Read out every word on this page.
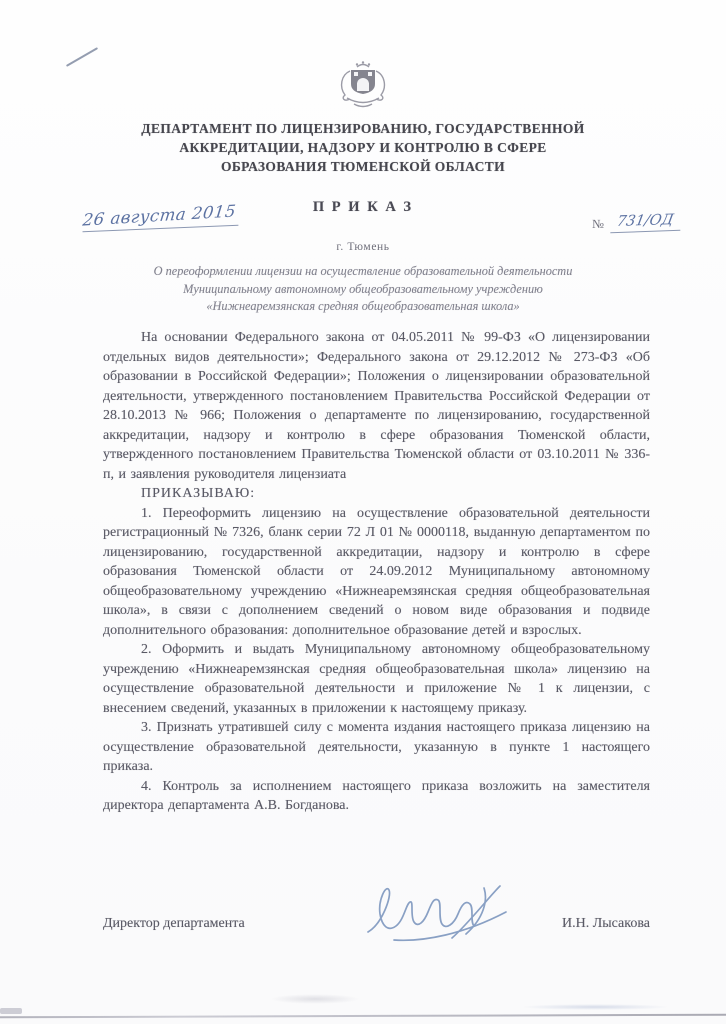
ДЕПАРТАМЕНТ ПО ЛИЦЕНЗИРОВАНИЮ, ГОСУДАРСТВЕННОЙ
АККРЕДИТАЦИИ, НАДЗОРУ И КОНТРОЛЮ В СФЕРЕ
ОБРАЗОВАНИЯ ТЮМЕНСКОЙ ОБЛАСТИ
П Р И К А З
26 августа 2015	№ 731/ОД
г. Тюмень
О переоформлении лицензии на осуществление образовательной деятельности
Муниципальному автономному общеобразовательному учреждению
«Нижнеаремзянская средняя общеобразовательная школа»

На основании Федерального закона от 04.05.2011 № 99-ФЗ «О лицензировании отдельных видов деятельности»; Федерального закона от 29.12.2012 № 273-ФЗ «Об образовании в Российской Федерации»; Положения о лицензировании образовательной деятельности, утвержденного постановлением Правительства Российской Федерации от 28.10.2013 № 966; Положения о департаменте по лицензированию, государственной аккредитации, надзору и контролю в сфере образования Тюменской области, утвержденного постановлением Правительства Тюменской области от 03.10.2011 № 336-п, и заявления руководителя лицензиата

ПРИКАЗЫВАЮ:

1. Переоформить лицензию на осуществление образовательной деятельности регистрационный № 7326, бланк серии 72 Л 01 № 0000118, выданную департаментом по лицензированию, государственной аккредитации, надзору и контролю в сфере образования Тюменской области от 24.09.2012 Муниципальному автономному общеобразовательному учреждению «Нижнеаремзянская средняя общеобразовательная школа», в связи с дополнением сведений о новом виде образования и подвиде дополнительного образования: дополнительное образование детей и взрослых.

2. Оформить и выдать Муниципальному автономному общеобразовательному учреждению «Нижнеаремзянская средняя общеобразовательная школа» лицензию на осуществление образовательной деятельности и приложение № 1 к лицензии, с внесением сведений, указанных в приложении к настоящему приказу.

3. Признать утратившей силу с момента издания настоящего приказа лицензию на осуществление образовательной деятельности, указанную в пункте 1 настоящего приказа.

4. Контроль за исполнением настоящего приказа возложить на заместителя директора департамента А.В. Богданова.

Директор департамента	И.Н. Лысакова
